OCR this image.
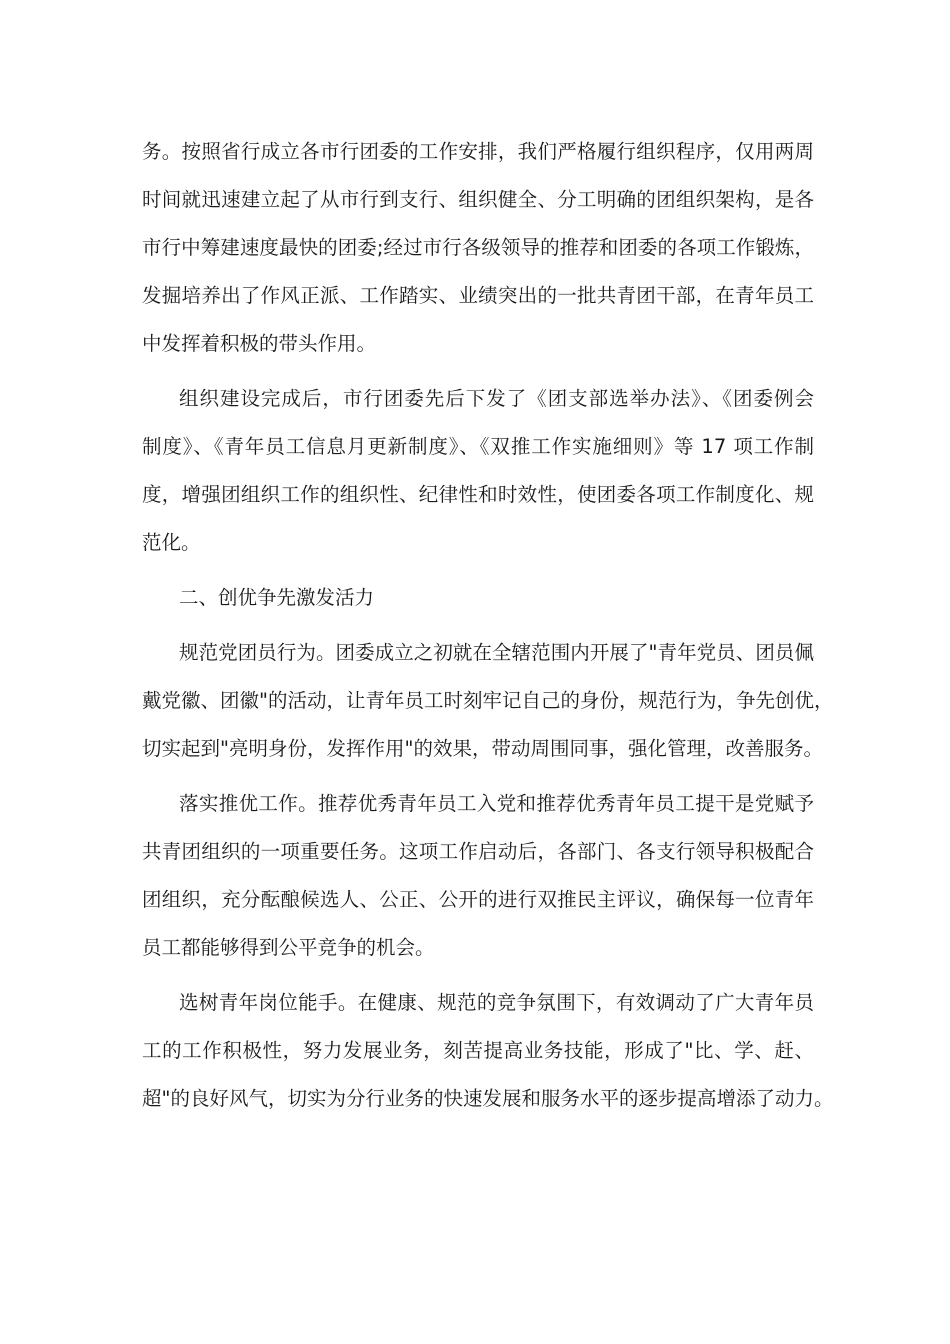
务。按照省行成立各市行团委的工作安排，我们严格履行组织程序，仅用两周
时间就迅速建立起了从市行到支行、组织健全、分工明确的团组织架构，是各
市行中筹建速度最快的团委;经过市行各级领导的推荐和团委的各项工作锻炼，
发掘培养出了作风正派、工作踏实、业绩突出的一批共青团干部，在青年员工
中发挥着积极的带头作用。
组织建设完成后，市行团委先后下发了《团支部选举办法》、《团委例会
制度》、《青年员工信息月更新制度》、《双推工作实施细则》等 17 项工作制
度，增强团组织工作的组织性、纪律性和时效性，使团委各项工作制度化、规
范化。
二、创优争先激发活力
规范党团员行为。团委成立之初就在全辖范围内开展了"青年党员、团员佩
戴党徽、团徽"的活动，让青年员工时刻牢记自己的身份，规范行为，争先创优，
切实起到"亮明身份，发挥作用"的效果，带动周围同事，强化管理，改善服务。
落实推优工作。推荐优秀青年员工入党和推荐优秀青年员工提干是党赋予
共青团组织的一项重要任务。这项工作启动后，各部门、各支行领导积极配合
团组织，充分酝酿候选人、公正、公开的进行双推民主评议，确保每一位青年
员工都能够得到公平竞争的机会。
选树青年岗位能手。在健康、规范的竞争氛围下，有效调动了广大青年员
工的工作积极性，努力发展业务，刻苦提高业务技能，形成了"比、学、赶、
超"的良好风气，切实为分行业务的快速发展和服务水平的逐步提高增添了动力。
